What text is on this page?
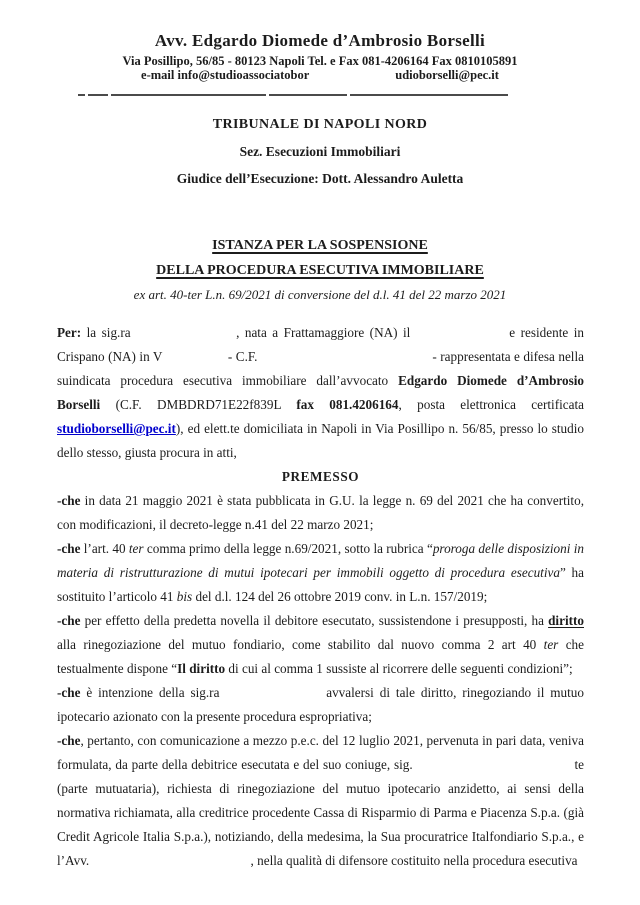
Avv. Edgardo Diomede d’Ambrosio Borselli
Via Posillipo, 56/85 - 80123 Napoli Tel. e Fax 081-4206164 Fax 0810105891
e-mail info@studioassociatobor	udioborselli@pec.it
TRIBUNALE DI NAPOLI NORD
Sez. Esecuzioni Immobiliari
Giudice dell’Esecuzione: Dott. Alessandro Auletta
ISTANZA PER LA SOSPENSIONE
DELLA PROCEDURA ESECUTIVA IMMOBILIARE
ex art. 40-ter L.n. 69/2021 di conversione del d.l. 41 del 22 marzo 2021

Per: la sig.ra	, nata a Frattamaggiore (NA) il	e residente in Crispano (NA) in V	- C.F.	- rappresentata e difesa nella suindicata procedura esecutiva immobiliare dall’avvocato Edgardo Diomede d’Ambrosio Borselli (C.F. DMBDRD71E22f839L fax 081.4206164, posta elettronica certificata studioborselli@pec.it), ed elett.te domiciliata in Napoli in Via Posillipo n. 56/85, presso lo studio dello stesso, giusta procura in atti,

PREMESSO

-che in data 21 maggio 2021 è stata pubblicata in G.U. la legge n. 69 del 2021 che ha convertito, con modificazioni, il decreto-legge n.41 del 22 marzo 2021;

-che l’art. 40 ter comma primo della legge n.69/2021, sotto la rubrica “proroga delle disposizioni in materia di ristrutturazione di mutui ipotecari per immobili oggetto di procedura esecutiva” ha sostituito l’articolo 41 bis del d.l. 124 del 26 ottobre 2019 conv. in L.n. 157/2019;

-che per effetto della predetta novella il debitore esecutato, sussistendone i presupposti, ha diritto alla rinegoziazione del mutuo fondiario, come stabilito dal nuovo comma 2 art 40 ter che testualmente dispone “Il diritto di cui al comma 1 sussiste al ricorrere delle seguenti condizioni”;

-che è intenzione della sig.ra	avvalersi di tale diritto, rinegoziando il mutuo ipotecario azionato con la presente procedura espropriativa;

-che, pertanto, con comunicazione a mezzo p.e.c. del 12 luglio 2021, pervenuta in pari data, veniva formulata, da parte della debitrice esecutata e del suo coniuge, sig.	te (parte mutuataria), richiesta di rinegoziazione del mutuo ipotecario anzidetto, ai sensi della normativa richiamata, alla creditrice procedente Cassa di Risparmio di Parma e Piacenza S.p.a. (già Credit Agricole Italia S.p.a.), notiziando, della medesima, la Sua procuratrice Italfondiario S.p.a., e l’Avv.	, nella qualità di difensore costituito nella procedura esecutiva
